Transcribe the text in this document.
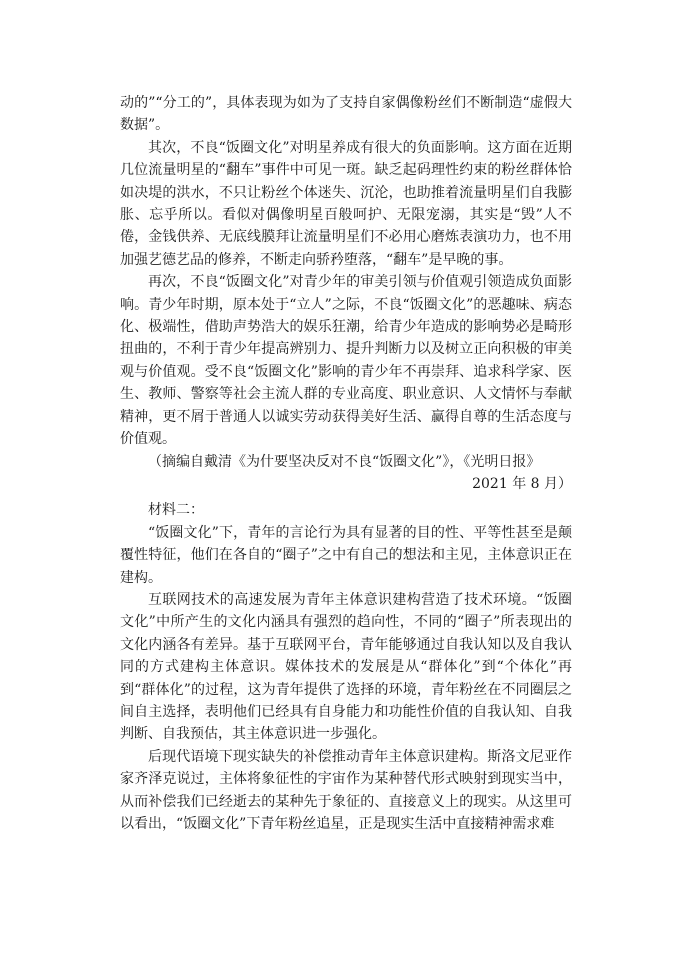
动的”“分工的”，具体表现为如为了支持自家偶像粉丝们不断制造“虚假大数据”。

其次，不良“饭圈文化”对明星养成有很大的负面影响。这方面在近期几位流量明星的“翻车”事件中可见一斑。缺乏起码理性约束的粉丝群体恰如决堤的洪水，不只让粉丝个体迷失、沉沦，也助推着流量明星们自我膨胀、忘乎所以。看似对偶像明星百般呵护、无限宠溺，其实是“毁”人不倦，金钱供养、无底线膜拜让流量明星们不必用心磨炼表演功力，也不用加强艺德艺品的修养，不断走向骄矜堕落，“翻车”是早晚的事。

再次，不良“饭圈文化”对青少年的审美引领与价值观引领造成负面影响。青少年时期，原本处于“立人”之际，不良“饭圈文化”的恶趣味、病态化、极端性，借助声势浩大的娱乐狂潮，给青少年造成的影响势必是畸形扭曲的，不利于青少年提高辨别力、提升判断力以及树立正向积极的审美观与价值观。受不良“饭圈文化”影响的青少年不再崇拜、追求科学家、医生、教师、警察等社会主流人群的专业高度、职业意识、人文情怀与奉献精神，更不屑于普通人以诚实劳动获得美好生活、赢得自尊的生活态度与价值观。

（摘编自戴清《为什要坚决反对不良“饭圈文化”》，《光明日报》

2021 年 8 月）

材料二：

“饭圈文化”下，青年的言论行为具有显著的目的性、平等性甚至是颠覆性特征，他们在各自的“圈子”之中有自己的想法和主见，主体意识正在建构。

互联网技术的高速发展为青年主体意识建构营造了技术环境。“饭圈文化”中所产生的文化内涵具有强烈的趋向性，不同的“圈子”所表现出的文化内涵各有差异。基于互联网平台，青年能够通过自我认知以及自我认同的方式建构主体意识。媒体技术的发展是从“群体化”到“个体化”再到“群体化”的过程，这为青年提供了选择的环境，青年粉丝在不同圈层之间自主选择，表明他们已经具有自身能力和功能性价值的自我认知、自我判断、自我预估，其主体意识进一步强化。

后现代语境下现实缺失的补偿推动青年主体意识建构。斯洛文尼亚作家齐泽克说过，主体将象征性的宇宙作为某种替代形式映射到现实当中，从而补偿我们已经逝去的某种先于象征的、直接意义上的现实。从这里可以看出，“饭圈文化”下青年粉丝追星，正是现实生活中直接精神需求难
